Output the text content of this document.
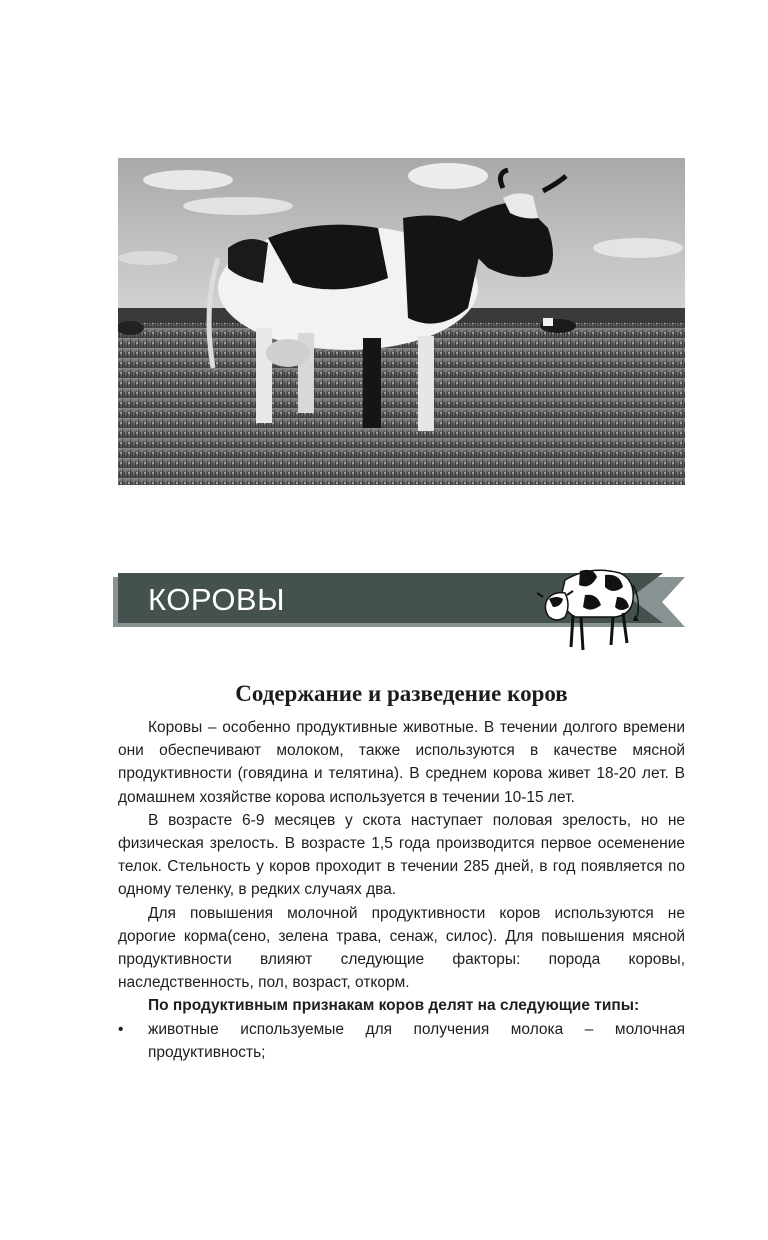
КОРОВЫ
Содержание и разведение коров

Коровы – особенно продуктивные животные. В течении долгого времени они обеспечивают молоком, также используются в качестве мясной продуктивности (говядина и телятина). В среднем корова живет 18-20 лет. В домашнем хозяйстве корова используется в течении 10-15 лет.

В возрасте 6-9 месяцев у скота наступает половая зрелость, но не физическая зрелость. В возрасте 1,5 года производится первое осеменение телок. Стельность у коров проходит в течении 285 дней, в год появляется по одному теленку, в редких случаях два.

Для повышения молочной продуктивности коров используются не дорогие корма(сено, зелена трава, сенаж, силос). Для повышения мясной продуктивности влияют следующие факторы: порода коровы, наследственность, пол, возраст, откорм.

По продуктивным признакам коров делят на следующие типы:

• животные используемые для получения молока – молочная продуктивность;
